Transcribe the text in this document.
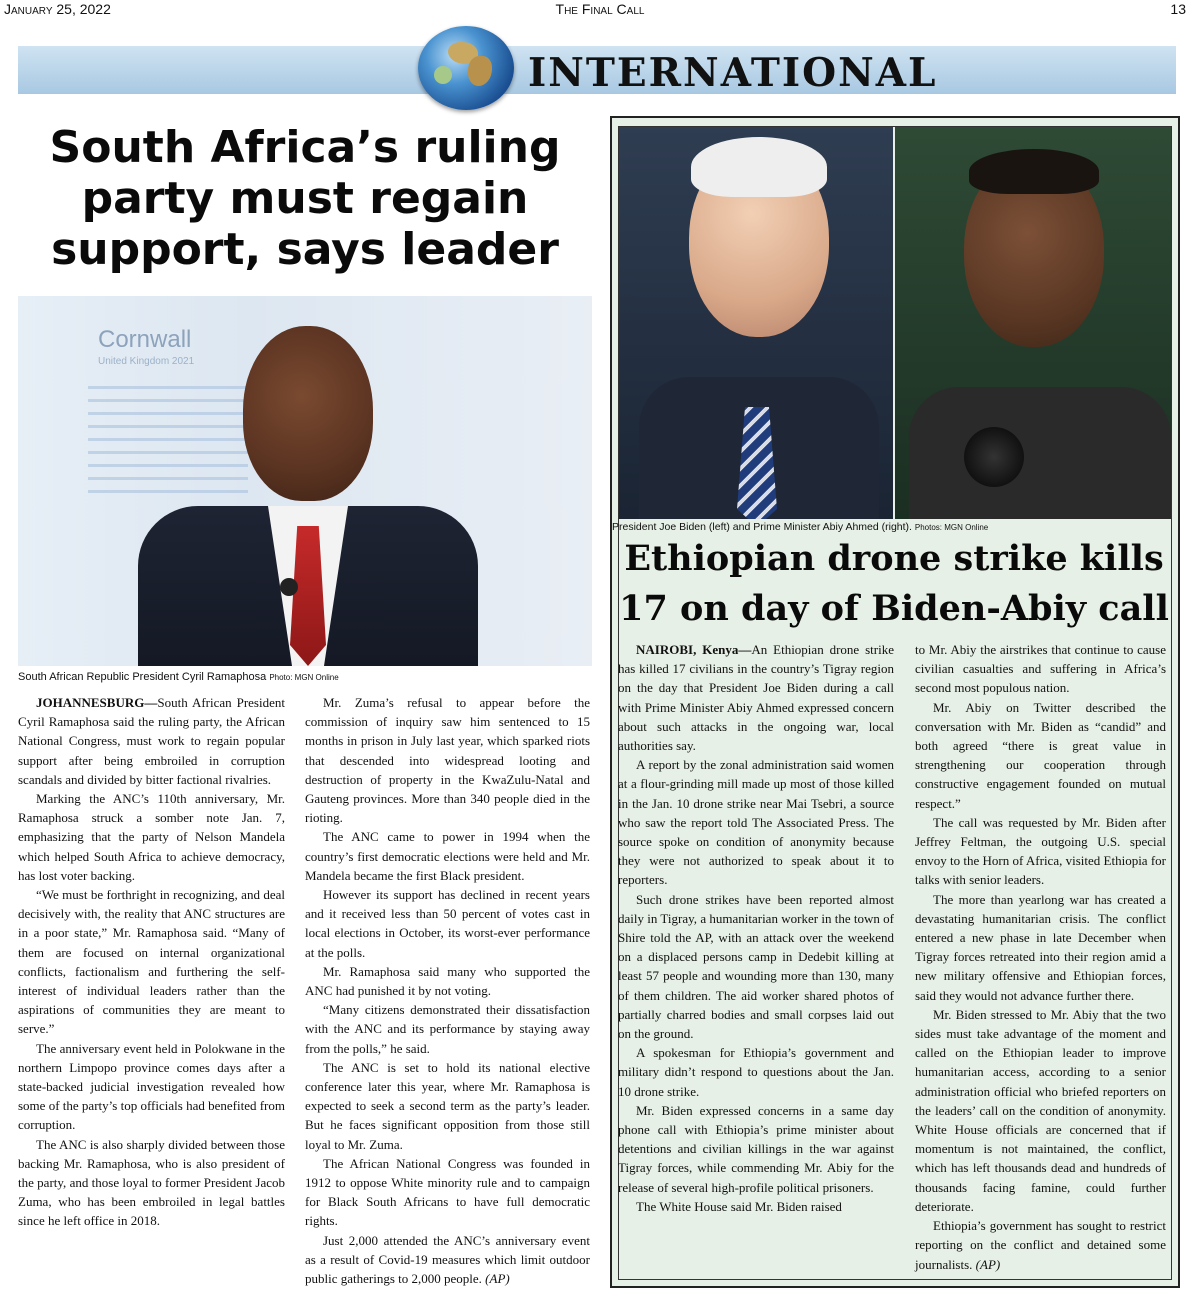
January 25, 2022	The Final Call	13
INTERNATIONAL
South Africa’s ruling
party must regain
support, says leader
Cornwall
United Kingdom 2021
South African Republic President Cyril Ramaphosa Photo: MGN Online

JOHANNESBURG—South African President Cyril Ramaphosa said the ruling party, the African National Congress, must work to regain popular support after being embroiled in corruption scandals and divided by bitter factional rivalries.

Marking the ANC’s 110th anniversary, Mr. Ramaphosa struck a somber note Jan. 7, emphasizing that the party of Nelson Mandela which helped South Africa to achieve democracy, has lost voter backing.

“We must be forthright in recognizing, and deal decisively with, the reality that ANC structures are in a poor state,” Mr. Ramaphosa said. “Many of them are focused on internal organizational conflicts, factionalism and furthering the self-interest of individual leaders rather than the aspirations of communities they are meant to serve.”

The anniversary event held in Polokwane in the northern Limpopo province comes days after a state-backed judicial investigation revealed how some of the party’s top officials had benefited from corruption.

The ANC is also sharply divided between those backing Mr. Ramaphosa, who is also president of the party, and those loyal to former President Jacob Zuma, who has been embroiled in legal battles since he left office in 2018.

Mr. Zuma’s refusal to appear before the commission of inquiry saw him sentenced to 15 months in prison in July last year, which sparked riots that descended into widespread looting and destruction of property in the KwaZulu-Natal and Gauteng provinces. More than 340 people died in the rioting.

The ANC came to power in 1994 when the country’s first democratic elections were held and Mr. Mandela became the first Black president.

However its support has declined in recent years and it received less than 50 percent of votes cast in local elections in October, its worst-ever performance at the polls.

Mr. Ramaphosa said many who supported the ANC had punished it by not voting.

“Many citizens demonstrated their dissatisfaction with the ANC and its performance by staying away from the polls,” he said.

The ANC is set to hold its national elective conference later this year, where Mr. Ramaphosa is expected to seek a second term as the party’s leader. But he faces significant opposition from those still loyal to Mr. Zuma.

The African National Congress was founded in 1912 to oppose White minority rule and to campaign for Black South Africans to have full democratic rights.

Just 2,000 attended the ANC’s anniversary event as a result of Covid-19 measures which limit outdoor public gatherings to 2,000 people. (AP)

President Joe Biden (left) and Prime Minister Abiy Ahmed (right). Photos: MGN Online
Ethiopian drone strike kills
17 on day of Biden-Abiy call

NAIROBI, Kenya—An Ethiopian drone strike has killed 17 civilians in the country’s Tigray region on the day that President Joe Biden during a call with Prime Minister Abiy Ahmed expressed concern about such attacks in the ongoing war, local authorities say.

A report by the zonal administration said women at a flour-grinding mill made up most of those killed in the Jan. 10 drone strike near Mai Tsebri, a source who saw the report told The Associated Press. The source spoke on condition of anonymity because they were not authorized to speak about it to reporters.

Such drone strikes have been reported almost daily in Tigray, a humanitarian worker in the town of Shire told the AP, with an attack over the weekend on a displaced persons camp in Dedebit killing at least 57 people and wounding more than 130, many of them children. The aid worker shared photos of partially charred bodies and small corpses laid out on the ground.

A spokesman for Ethiopia’s government and military didn’t respond to questions about the Jan. 10 drone strike.

Mr. Biden expressed concerns in a same day phone call with Ethiopia’s prime minister about detentions and civilian killings in the war against Tigray forces, while commending Mr. Abiy for the release of several high-profile political prisoners.

The White House said Mr. Biden raised

to Mr. Abiy the airstrikes that continue to cause civilian casualties and suffering in Africa’s second most populous nation.

Mr. Abiy on Twitter described the conversation with Mr. Biden as “candid” and both agreed “there is great value in strengthening our cooperation through constructive engagement founded on mutual respect.”

The call was requested by Mr. Biden after Jeffrey Feltman, the outgoing U.S. special envoy to the Horn of Africa, visited Ethiopia for talks with senior leaders.

The more than yearlong war has created a devastating humanitarian crisis. The conflict entered a new phase in late December when Tigray forces retreated into their region amid a new military offensive and Ethiopian forces, said they would not advance further there.

Mr. Biden stressed to Mr. Abiy that the two sides must take advantage of the moment and called on the Ethiopian leader to improve humanitarian access, according to a senior administration official who briefed reporters on the leaders’ call on the condition of anonymity. White House officials are concerned that if momentum is not maintained, the conflict, which has left thousands dead and hundreds of thousands facing famine, could further deteriorate.

Ethiopia’s government has sought to restrict reporting on the conflict and detained some journalists. (AP)
